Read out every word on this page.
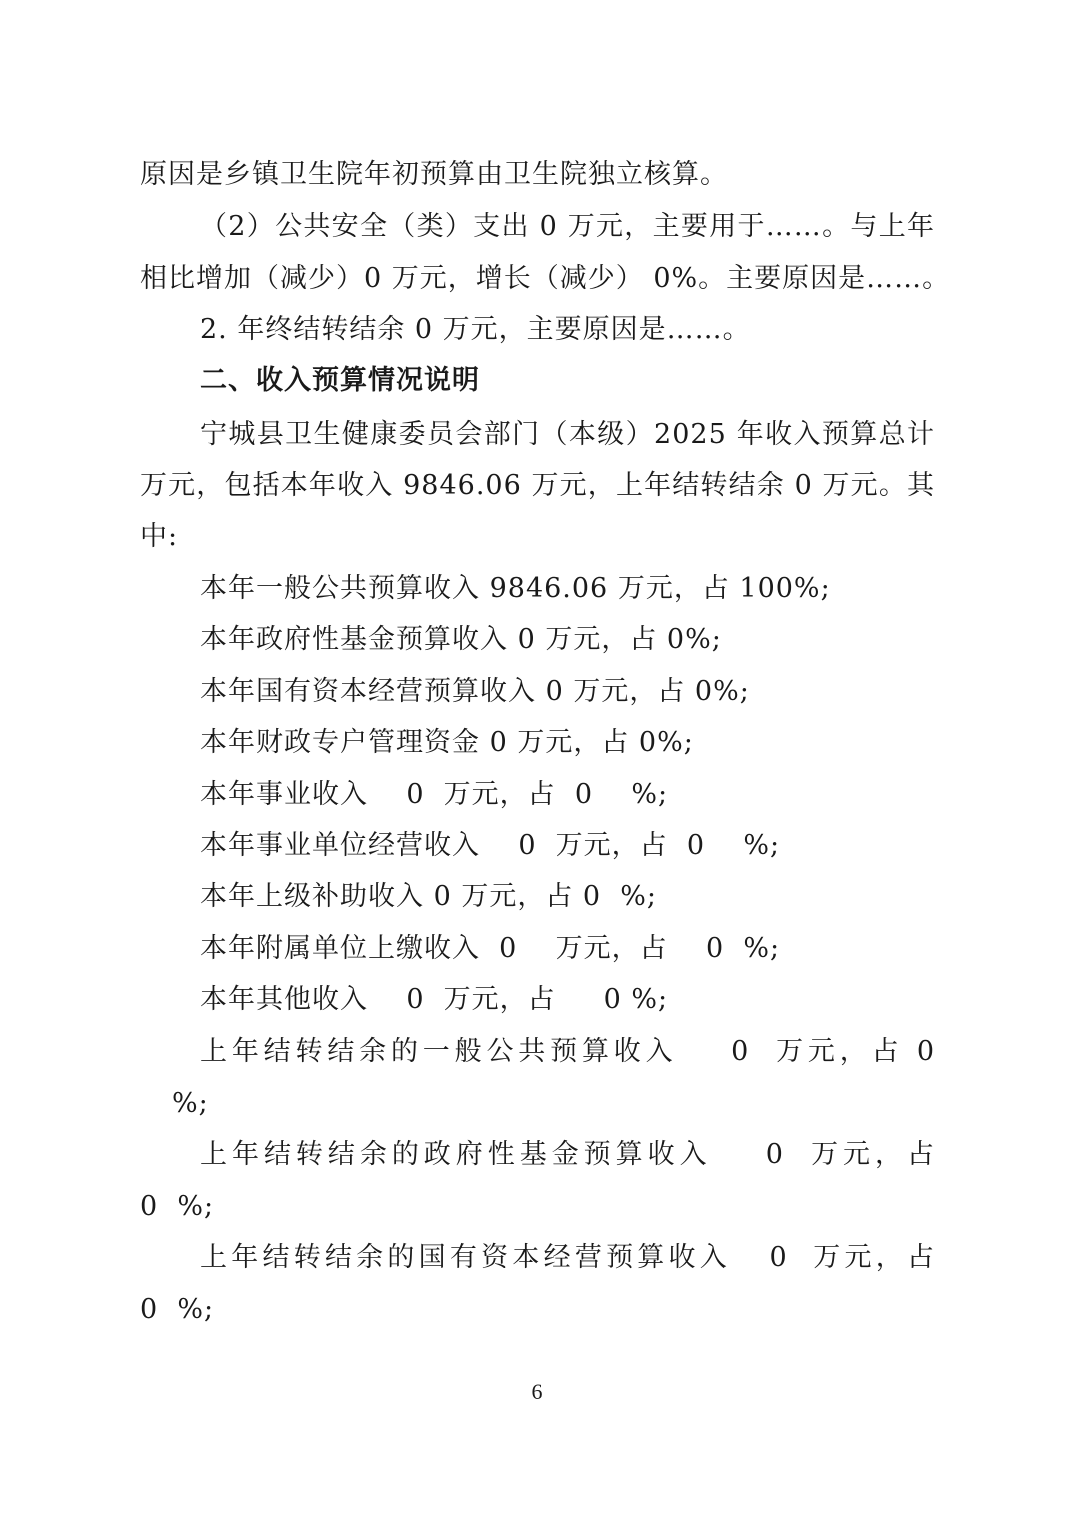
原因是乡镇卫生院年初预算由卫生院独立核算。
（2）公共安全（类）支出 0 万元，主要用于……。与上年
相比增加（减少）0 万元，增长（减少） 0%。主要原因是……。
2. 年终结转结余 0 万元，主要原因是……。
二、收入预算情况说明
宁城县卫生健康委员会部门（本级）2025 年收入预算总计
万元，包括本年收入 9846.06 万元，上年结转结余 0 万元。其
中:
本年一般公共预算收入 9846.06 万元，占 100%;
本年政府性基金预算收入 0 万元，占 0%;
本年国有资本经营预算收入 0 万元，占 0%;
本年财政专户管理资金 0 万元，占 0%;
本年事业收入    0  万元，占  0    %;
本年事业单位经营收入    0  万元，占  0    %;
本年上级补助收入 0 万元，占 0  %;
本年附属单位上缴收入  0    万元，占    0  %;
本年其他收入    0  万元，占     0 %;
上年结转结余的一般公共预算收入    0  万元，占 0
%;
上年结转结余的政府性基金预算收入    0  万元，占
0  %;
上年结转结余的国有资本经营预算收入   0  万元，占
0  %;
6
